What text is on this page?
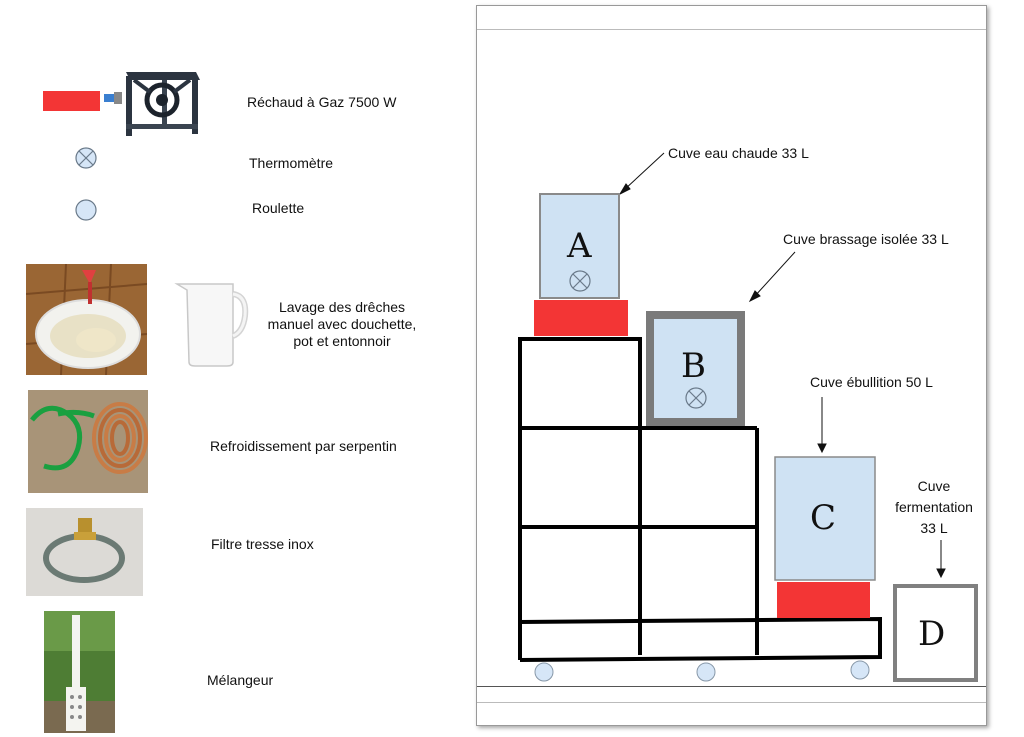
Réchaud à Gaz 7500 W
Thermomètre
Roulette
Lavage des drêches manuel avec douchette, pot et entonnoir
Refroidissement par serpentin
Filtre tresse inox
Mélangeur
A
B
C
D
Cuve eau chaude 33 L
Cuve brassage isolée 33 L
Cuve ébullition 50 L
Cuve
fermentation
33 L
